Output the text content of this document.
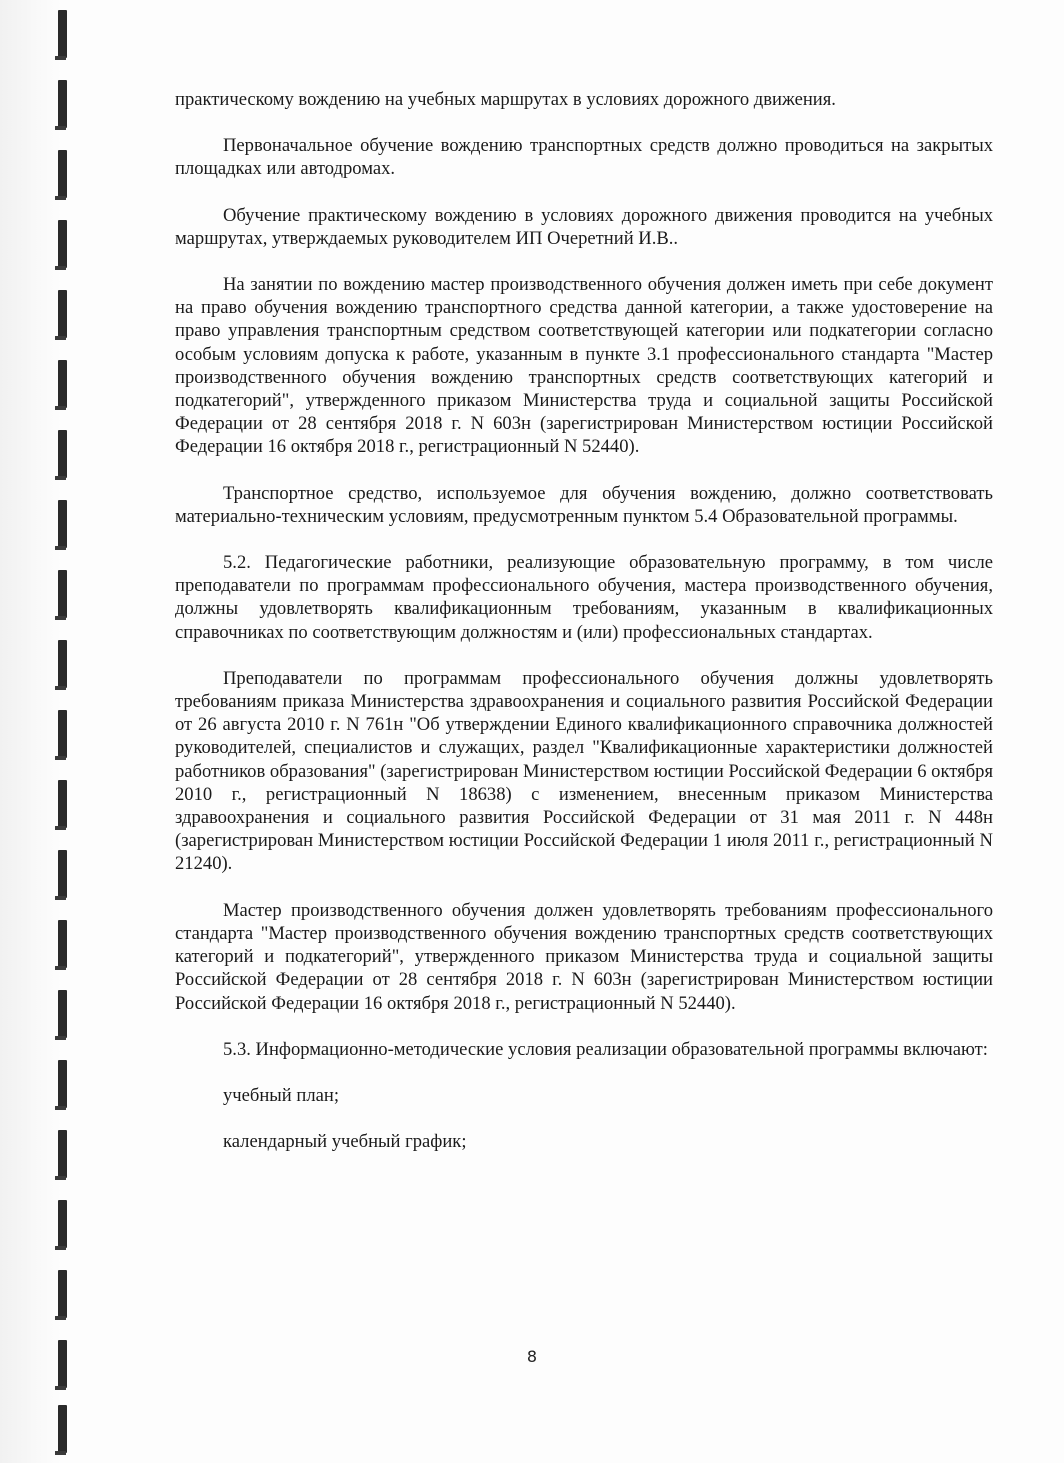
практическому вождению на учебных маршрутах в условиях дорожного движения.

Первоначальное обучение вождению транспортных средств должно проводиться на закрытых площадках или автодромах.

Обучение практическому вождению в условиях дорожного движения проводится на учебных маршрутах, утверждаемых руководителем ИП Очеретний И.В..

На занятии по вождению мастер производственного обучения должен иметь при себе документ на право обучения вождению транспортного средства данной категории, а также удостоверение на право управления транспортным средством соответствующей категории или подкатегории согласно особым условиям допуска к работе, указанным в пункте 3.1 профессионального стандарта "Мастер производственного обучения вождению транспортных средств соответствующих категорий и подкатегорий", утвержденного приказом Министерства труда и социальной защиты Российской Федерации от 28 сентября 2018 г. N 603н (зарегистрирован Министерством юстиции Российской Федерации 16 октября 2018 г., регистрационный N 52440).

Транспортное средство, используемое для обучения вождению, должно соответствовать материально-техническим условиям, предусмотренным пунктом 5.4 Образовательной программы.

5.2. Педагогические работники, реализующие образовательную программу, в том числе преподаватели по программам профессионального обучения, мастера производственного обучения, должны удовлетворять квалификационным требованиям, указанным в квалификационных справочниках по соответствующим должностям и (или) профессиональных стандартах.

Преподаватели по программам профессионального обучения должны удовлетворять требованиям приказа Министерства здравоохранения и социального развития Российской Федерации от 26 августа 2010 г. N 761н "Об утверждении Единого квалификационного справочника должностей руководителей, специалистов и служащих, раздел "Квалификационные характеристики должностей работников образования" (зарегистрирован Министерством юстиции Российской Федерации 6 октября 2010 г., регистрационный N 18638) с изменением, внесенным приказом Министерства здравоохранения и социального развития Российской Федерации от 31 мая 2011 г. N 448н (зарегистрирован Министерством юстиции Российской Федерации 1 июля 2011 г., регистрационный N 21240).

Мастер производственного обучения должен удовлетворять требованиям профессионального стандарта "Мастер производственного обучения вождению транспортных средств соответствующих категорий и подкатегорий", утвержденного приказом Министерства труда и социальной защиты Российской Федерации от 28 сентября 2018 г. N 603н (зарегистрирован Министерством юстиции Российской Федерации 16 октября 2018 г., регистрационный N 52440).

5.3. Информационно-методические условия реализации образовательной программы включают:

учебный план;

календарный учебный график;

8
